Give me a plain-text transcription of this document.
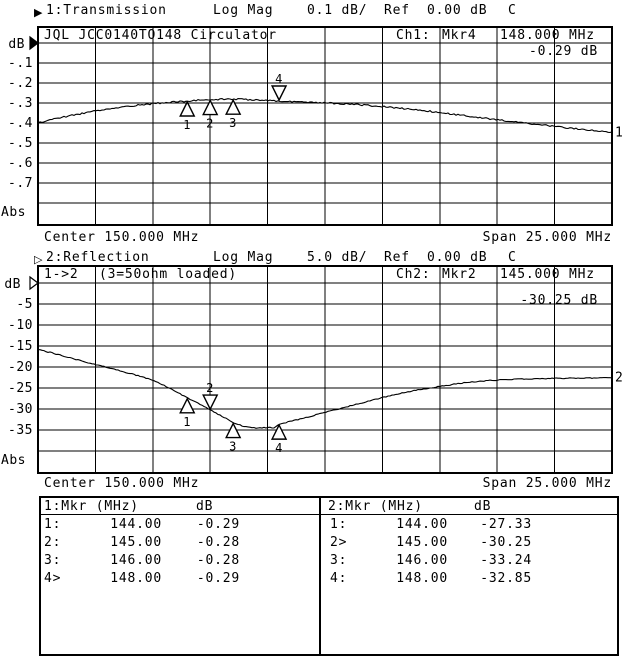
1 2 3
4
dB
-.1
-.2
-.3
-.4
-.5
-.6
-.7
Abs
1
1
2
3	4
dB
-5
-10
-15
-20
-25
-30
-35
Abs
2

▶

1:Transmission

	Log Mag

	0.1 dB/

Ref

0.00 dB

C

JQL JCC0140TO148 Circulator

	Ch1:

Mkr4

148.000 MHz

-0.29 dB

Center 150.000 MHz

	Span 25.000 MHz

▷

2:Reflection

	Log Mag

	5.0 dB/

Ref

0.00 dB

C

1->2

(3=50ohm loaded)

	Ch2:

Mkr2

145.000 MHz

-30.25 dB

Center 150.000 MHz

	Span 25.000 MHz

1:Mkr (MHz)	dB
1:	144.00	-0.29
2:	145.00	-0.28
3:	146.00	-0.28
4>	148.00	-0.29
2:Mkr (MHz)	dB
1:	144.00	-27.33
2>	145.00	-30.25
3:	146.00	-33.24
4:	148.00	-32.85
